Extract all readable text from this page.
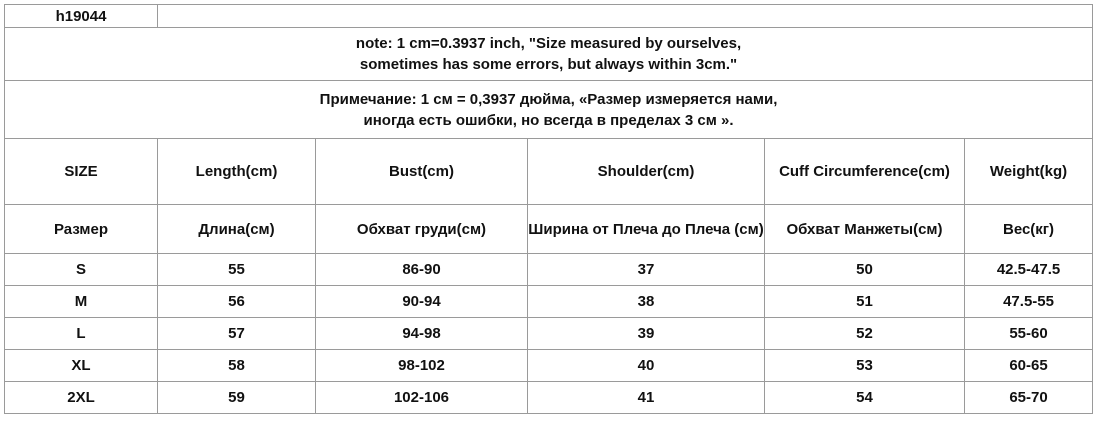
h19044					

note: 1 cm=0.3937 inch, "Size measured by ourselves,
sometimes has some errors, but always within 3cm."					

Примечание: 1 см = 0,3937 дюйма, «Размер измеряется нами,
иногда есть ошибки, но всегда в пределах 3 см ».					

SIZE	Length(cm)	Bust(cm)	Shoulder(cm)	Cuff Circumference(cm)	Weight(kg)
Размер	Длина(см)	Обхват груди(см)	Ширина от Плеча до Плеча (см)	Обхват Манжеты(см)	Вес(кг)
S	55	86-90	37	50	42.5-47.5
M	56	90-94	38	51	47.5-55
L	57	94-98	39	52	55-60
XL	58	98-102	40	53	60-65
2XL	59	102-106	41	54	65-70
